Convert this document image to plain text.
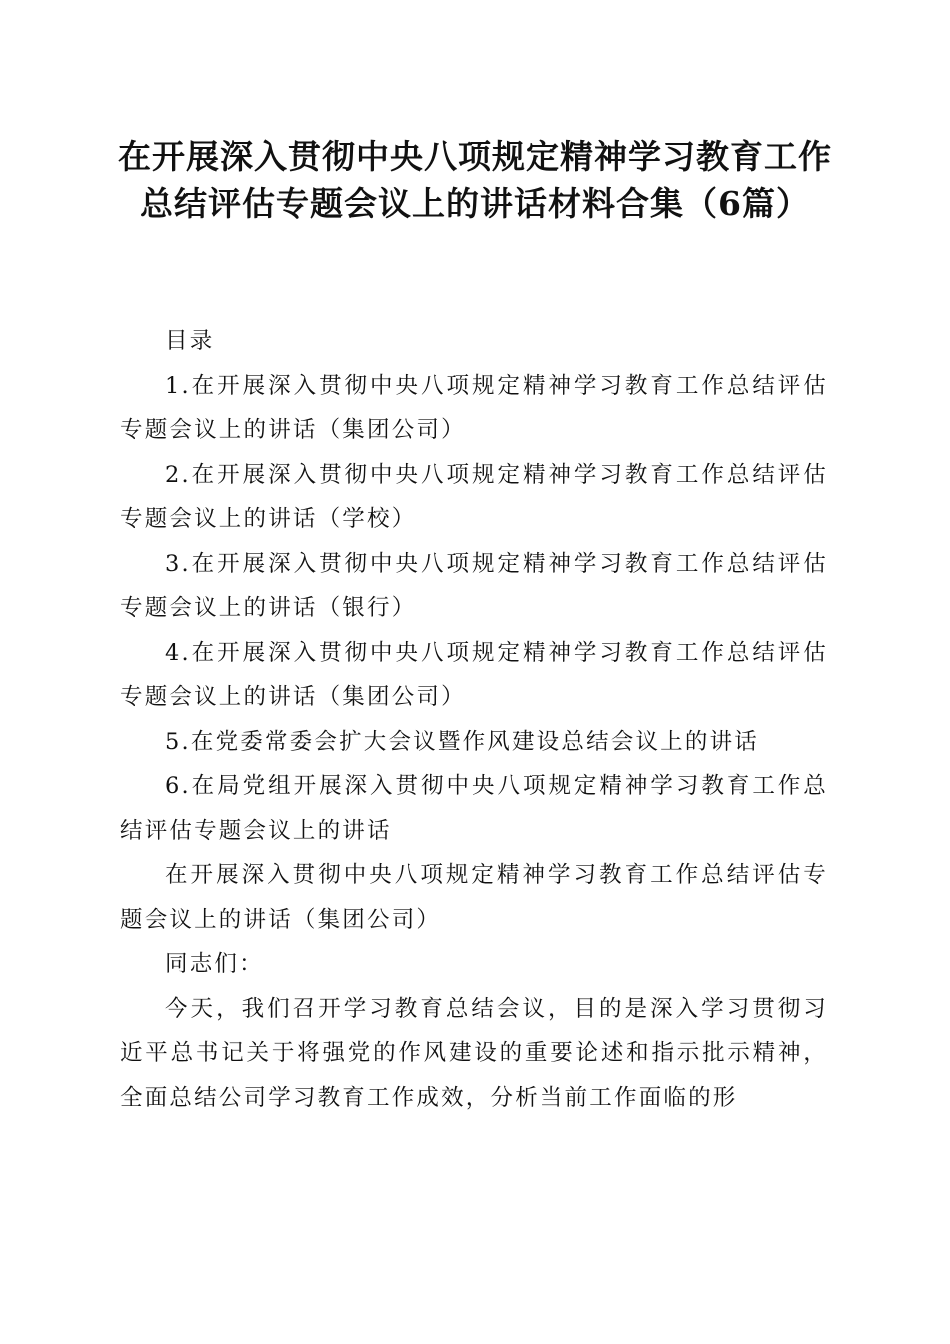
在开展深入贯彻中央八项规定精神学习教育工作总结评估专题会议上的讲话材料合集（6篇）

目录

1.在开展深入贯彻中央八项规定精神学习教育工作总结评估专题会议上的讲话（集团公司）

2.在开展深入贯彻中央八项规定精神学习教育工作总结评估专题会议上的讲话（学校）

3.在开展深入贯彻中央八项规定精神学习教育工作总结评估专题会议上的讲话（银行）

4.在开展深入贯彻中央八项规定精神学习教育工作总结评估专题会议上的讲话（集团公司）

5.在党委常委会扩大会议暨作风建设总结会议上的讲话

6.在局党组开展深入贯彻中央八项规定精神学习教育工作总结评估专题会议上的讲话

在开展深入贯彻中央八项规定精神学习教育工作总结评估专题会议上的讲话（集团公司）

同志们：

今天，我们召开学习教育总结会议，目的是深入学习贯彻习近平总书记关于将强党的作风建设的重要论述和指示批示精神，全面总结公司学习教育工作成效，分析当前工作面临的形
